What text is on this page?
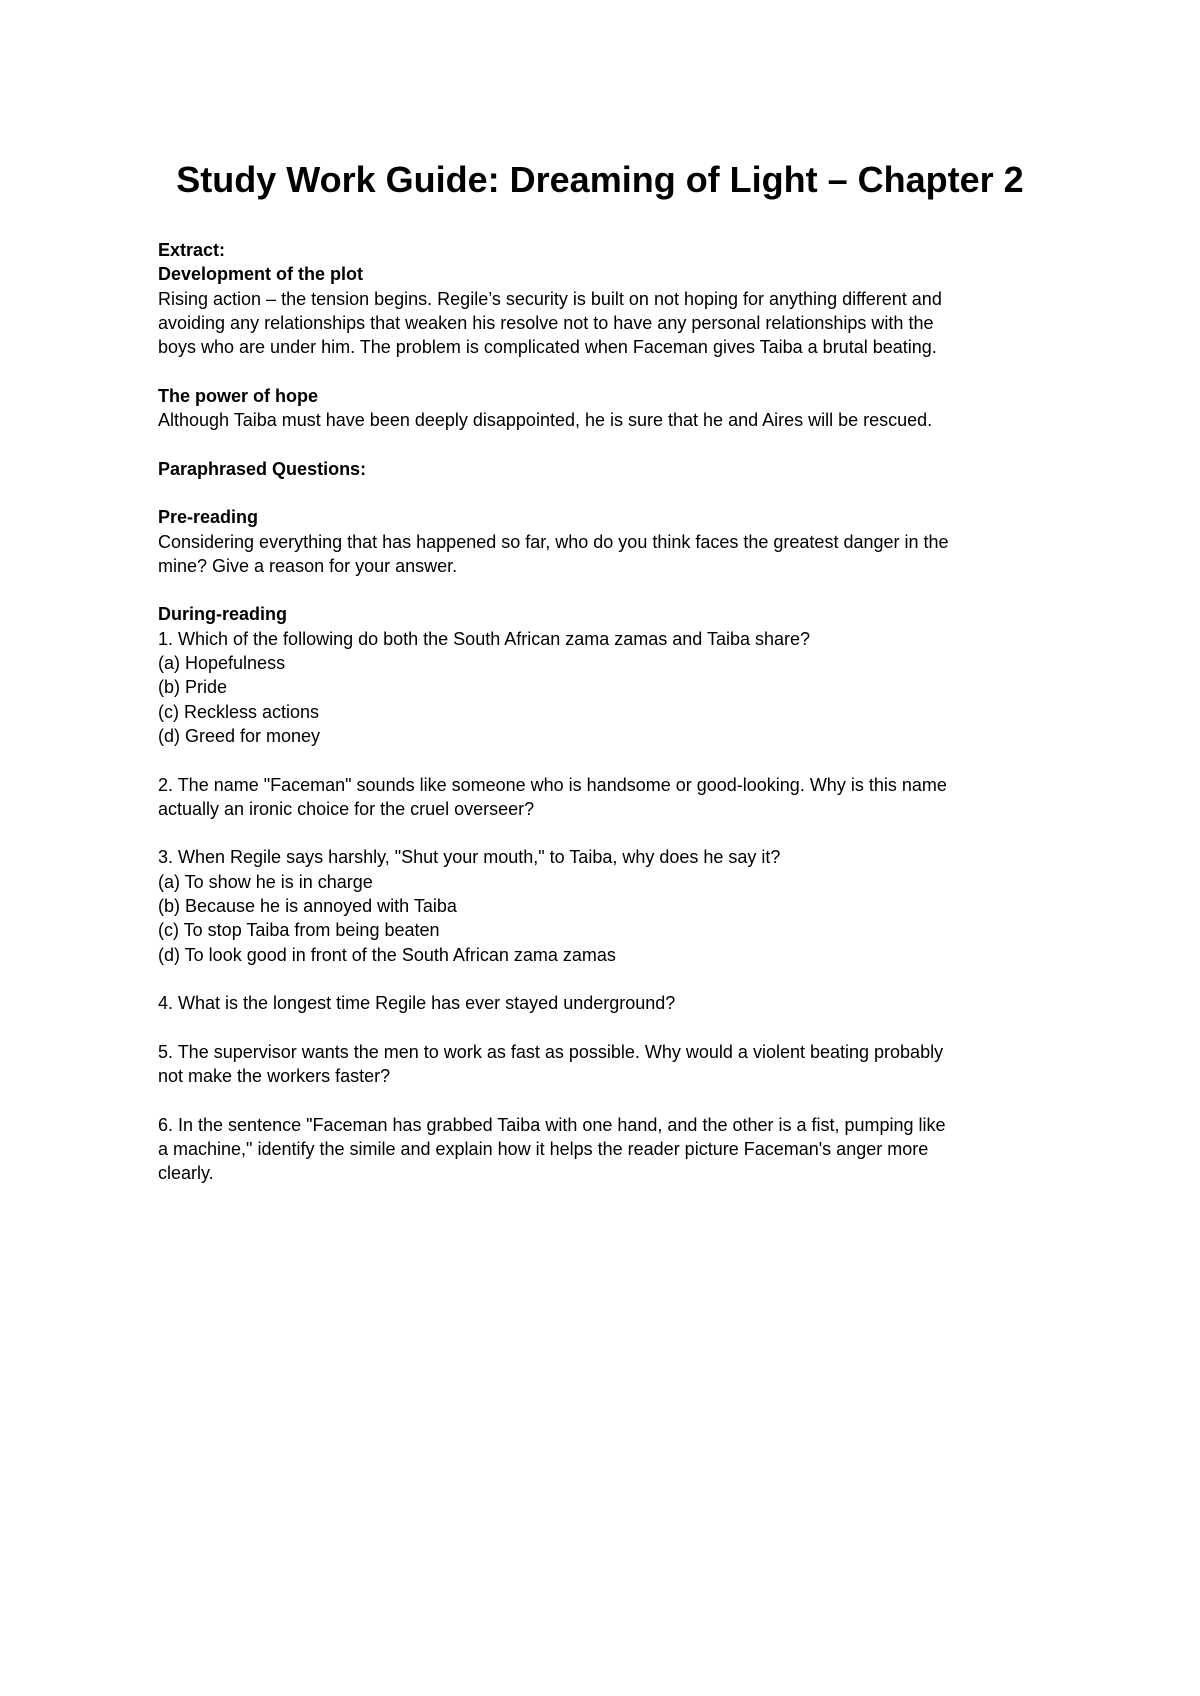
Study Work Guide: Dreaming of Light – Chapter 2
Extract:
Development of the plot
Rising action – the tension begins. Regile’s security is built on not hoping for anything different and
avoiding any relationships that weaken his resolve not to have any personal relationships with the
boys who are under him. The problem is complicated when Faceman gives Taiba a brutal beating.
The power of hope
Although Taiba must have been deeply disappointed, he is sure that he and Aires will be rescued.
Paraphrased Questions:
Pre-reading
Considering everything that has happened so far, who do you think faces the greatest danger in the
mine? Give a reason for your answer.
During-reading
1. Which of the following do both the South African zama zamas and Taiba share?
(a) Hopefulness
(b) Pride
(c) Reckless actions
(d) Greed for money
2. The name "Faceman" sounds like someone who is handsome or good-looking. Why is this name
actually an ironic choice for the cruel overseer?
3. When Regile says harshly, "Shut your mouth," to Taiba, why does he say it?
(a) To show he is in charge
(b) Because he is annoyed with Taiba
(c) To stop Taiba from being beaten
(d) To look good in front of the South African zama zamas
4. What is the longest time Regile has ever stayed underground?
5. The supervisor wants the men to work as fast as possible. Why would a violent beating probably
not make the workers faster?
6. In the sentence "Faceman has grabbed Taiba with one hand, and the other is a fist, pumping like
a machine," identify the simile and explain how it helps the reader picture Faceman's anger more
clearly.
